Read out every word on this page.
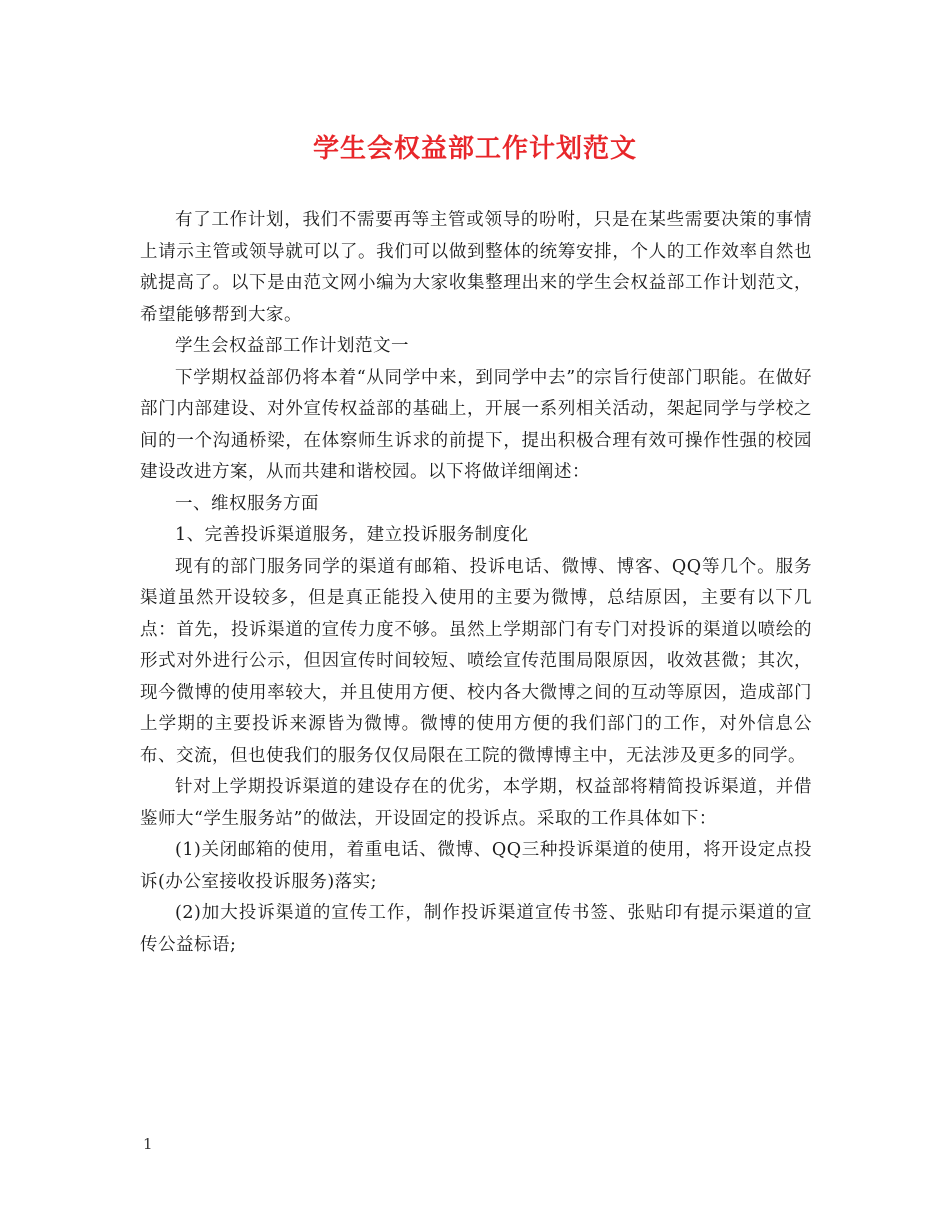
学生会权益部工作计划范文

有了工作计划，我们不需要再等主管或领导的吩咐，只是在某些需要决策的事情上请示主管或领导就可以了。我们可以做到整体的统筹安排，个人的工作效率自然也就提高了。以下是由范文网小编为大家收集整理出来的学生会权益部工作计划范文，希望能够帮到大家。

学生会权益部工作计划范文一

下学期权益部仍将本着“从同学中来，到同学中去”的宗旨行使部门职能。在做好部门内部建设、对外宣传权益部的基础上，开展一系列相关活动，架起同学与学校之间的一个沟通桥梁，在体察师生诉求的前提下，提出积极合理有效可操作性强的校园建设改进方案，从而共建和谐校园。以下将做详细阐述：

一、维权服务方面

1、完善投诉渠道服务，建立投诉服务制度化

现有的部门服务同学的渠道有邮箱、投诉电话、微博、博客、QQ等几个。服务渠道虽然开设较多，但是真正能投入使用的主要为微博，总结原因，主要有以下几点：首先，投诉渠道的宣传力度不够。虽然上学期部门有专门对投诉的渠道以喷绘的形式对外进行公示，但因宣传时间较短、喷绘宣传范围局限原因，收效甚微；其次，现今微博的使用率较大，并且使用方便、校内各大微博之间的互动等原因，造成部门上学期的主要投诉来源皆为微博。微博的使用方便的我们部门的工作，对外信息公布、交流，但也使我们的服务仅仅局限在工院的微博博主中，无法涉及更多的同学。

针对上学期投诉渠道的建设存在的优劣，本学期，权益部将精简投诉渠道，并借鉴师大“学生服务站”的做法，开设固定的投诉点。采取的工作具体如下：

(1)关闭邮箱的使用，着重电话、微博、QQ三种投诉渠道的使用，将开设定点投诉(办公室接收投诉服务)落实;

(2)加大投诉渠道的宣传工作，制作投诉渠道宣传书签、张贴印有提示渠道的宣传公益标语;

1
